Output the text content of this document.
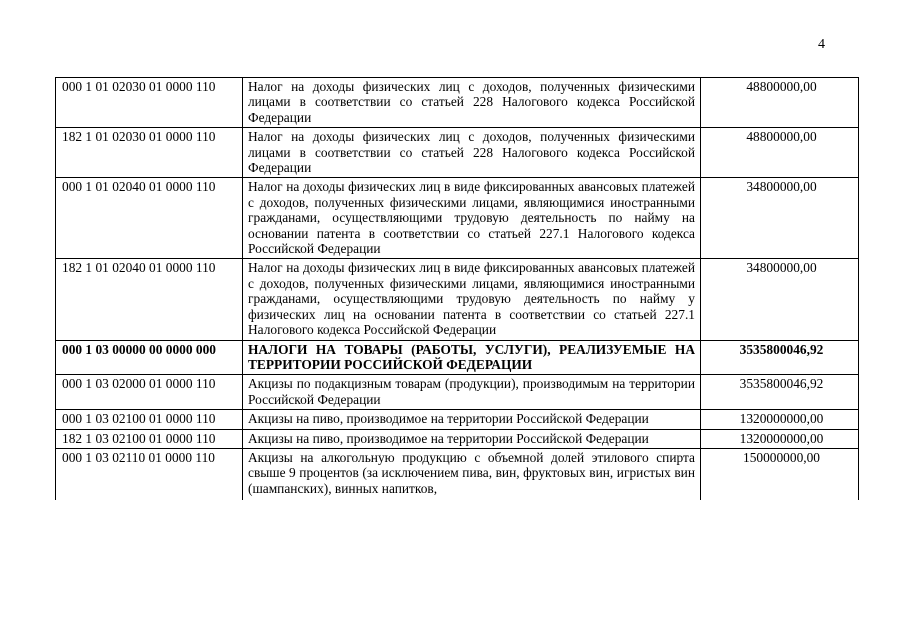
4
000 1 01 02030 01 0000 110	Налог на доходы физических лиц с доходов, полученных физическими лицами в соответствии со статьей 228 Налогового кодекса Российской Федерации	48800000,00
182 1 01 02030 01 0000 110	Налог на доходы физических лиц с доходов, полученных физическими лицами в соответствии со статьей 228 Налогового кодекса Российской Федерации	48800000,00
000 1 01 02040 01 0000 110	Налог на доходы физических лиц в виде фиксированных авансовых платежей с доходов, полученных физическими лицами, являющимися иностранными гражданами, осуществляющими трудовую деятельность по найму на основании патента в соответствии со статьей 227.1 Налогового кодекса Российской Федерации	34800000,00
182 1 01 02040 01 0000 110	Налог на доходы физических лиц в виде фиксированных авансовых платежей с доходов, полученных физическими лицами, являющимися иностранными гражданами, осуществляющими трудовую деятельность по найму у физических лиц на основании патента в соответствии со статьей 227.1 Налогового кодекса Российской Федерации	34800000,00
000 1 03 00000 00 0000 000	НАЛОГИ НА ТОВАРЫ (РАБОТЫ, УСЛУГИ), РЕАЛИЗУЕМЫЕ НА ТЕРРИТОРИИ РОССИЙСКОЙ ФЕДЕРАЦИИ	3535800046,92
000 1 03 02000 01 0000 110	Акцизы по подакцизным товарам (продукции), производимым на территории Российской Федерации	3535800046,92
000 1 03 02100 01 0000 110	Акцизы на пиво, производимое на территории Российской Федерации	1320000000,00
182 1 03 02100 01 0000 110	Акцизы на пиво, производимое на территории Российской Федерации	1320000000,00
000 1 03 02110 01 0000 110	Акцизы на алкогольную продукцию с объемной долей этилового спирта свыше 9 процентов (за исключением пива, вин, фруктовых вин, игристых вин (шампанских), винных напитков,	150000000,00
